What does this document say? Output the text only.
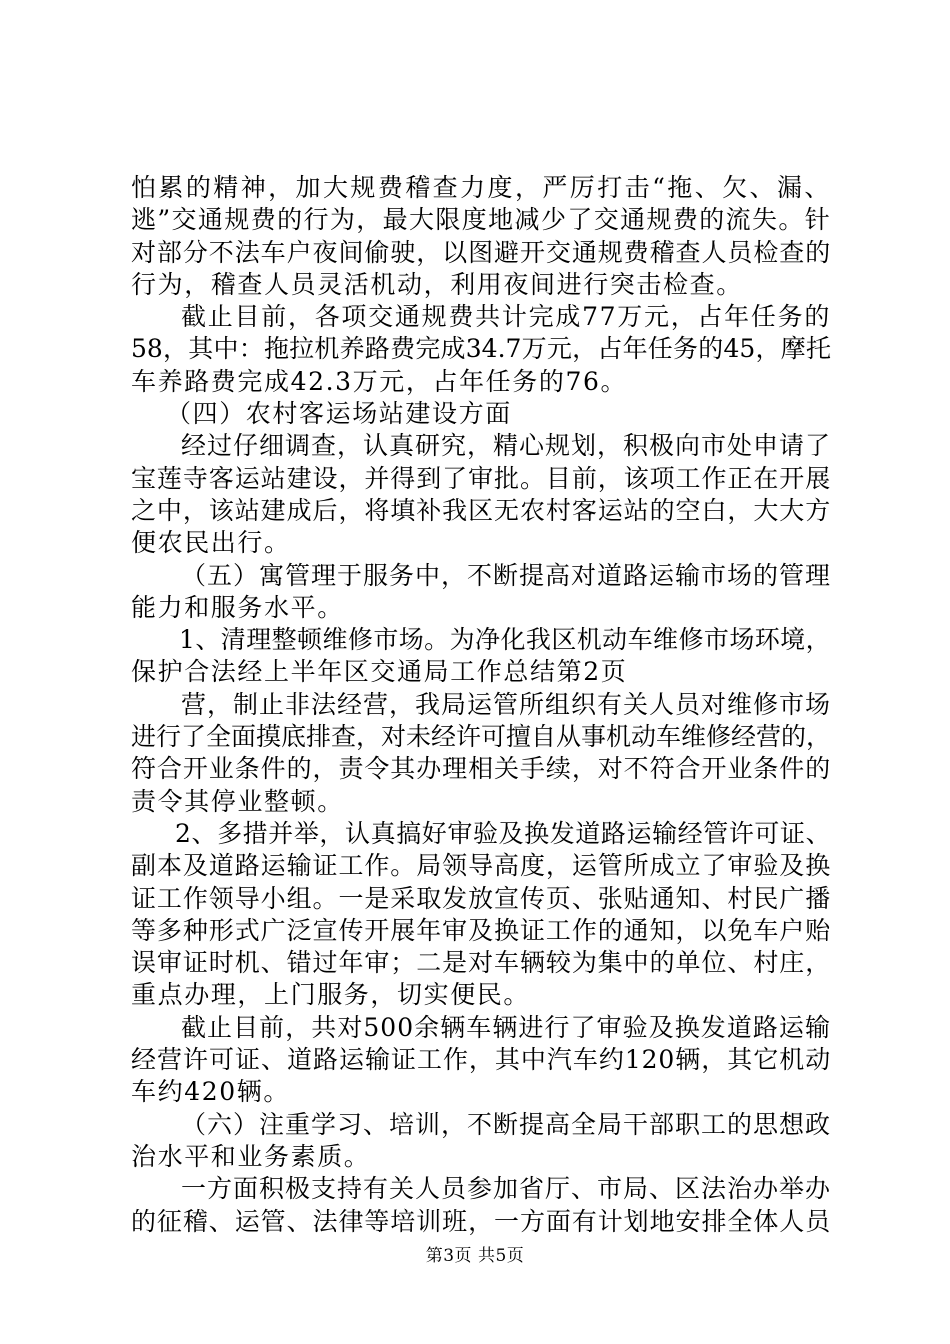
怕累的精神，加大规费稽查力度，严厉打击“拖、欠、漏、
逃”交通规费的行为，最大限度地减少了交通规费的流失。针
对部分不法车户夜间偷驶，以图避开交通规费稽查人员检查的
行为，稽查人员灵活机动，利用夜间进行突击检查。
截止目前，各项交通规费共计完成77万元，占年任务的
58，其中：拖拉机养路费完成34.7万元，占年任务的45，摩托
车养路费完成42.3万元，占年任务的76。
（四）农村客运场站建设方面
经过仔细调查，认真研究，精心规划，积极向市处申请了
宝莲寺客运站建设，并得到了审批。目前，该项工作正在开展
之中，该站建成后，将填补我区无农村客运站的空白，大大方
便农民出行。
（五）寓管理于服务中，不断提高对道路运输市场的管理
能力和服务水平。
1、清理整顿维修市场。为净化我区机动车维修市场环境，
保护合法经上半年区交通局工作总结第2页
营，制止非法经营，我局运管所组织有关人员对维修市场
进行了全面摸底排查，对未经许可擅自从事机动车维修经营的，
符合开业条件的，责令其办理相关手续，对不符合开业条件的
责令其停业整顿。
2、多措并举，认真搞好审验及换发道路运输经管许可证、
副本及道路运输证工作。局领导高度，运管所成立了审验及换
证工作领导小组。一是采取发放宣传页、张贴通知、村民广播
等多种形式广泛宣传开展年审及换证工作的通知，以免车户贻
误审证时机、错过年审；二是对车辆较为集中的单位、村庄，
重点办理，上门服务，切实便民。
截止目前，共对500余辆车辆进行了审验及换发道路运输
经营许可证、道路运输证工作，其中汽车约120辆，其它机动
车约420辆。
（六）注重学习、培训，不断提高全局干部职工的思想政
治水平和业务素质。
一方面积极支持有关人员参加省厅、市局、区法治办举办
的征稽、运管、法律等培训班，一方面有计划地安排全体人员
第3页 共5页
